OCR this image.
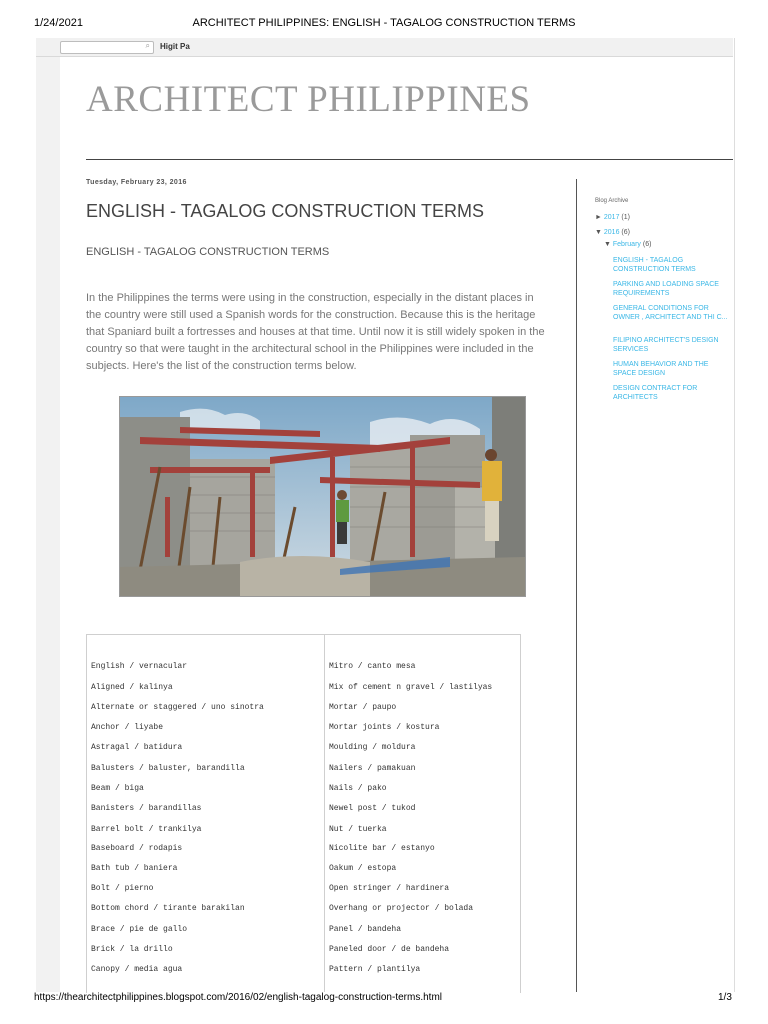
1/24/2021	ARCHITECT PHILIPPINES: ENGLISH - TAGALOG CONSTRUCTION TERMS
⌕ Higit Pa
ARCHITECT PHILIPPINES
Tuesday, February 23, 2016
ENGLISH - TAGALOG CONSTRUCTION TERMS
ENGLISH - TAGALOG CONSTRUCTION TERMS
In the Philippines the terms were using in the construction, especially in the distant places in the country were still used a Spanish words for the construction. Because this is the heritage that Spaniard built a fortresses and houses at that time. Until now it is still widely spoken in the country so that were taught in the architectural school in the Philippines were included in the subjects. Here's the list of the construction terms below.
Blog Archive
► 2017 (1)
▼ 2016 (6)
▼ February (6)
ENGLISH - TAGALOG CONSTRUCTION TERMS
PARKING AND LOADING SPACE REQUIREMENTS
GENERAL CONDITIONS FOR OWNER , ARCHITECT AND THI C...
FILIPINO ARCHITECT'S DESIGN SERVICES
HUMAN BEHAVIOR AND THE SPACE DESIGN
DESIGN CONTRACT FOR ARCHITECTS
English / vernacular
Aligned / kalinya
Alternate or staggered / uno sinotra
Anchor / liyabe
Astragal / batidura
Balusters / baluster, barandilla
Beam / biga
Banisters / barandillas
Barrel bolt / trankilya
Baseboard / rodapis
Bath tub / baniera
Bolt / pierno
Bottom chord / tirante barakilan
Brace / pie de gallo
Brick / la drillo
Canopy / media agua
Mitro / canto mesa
Mix of cement n gravel / lastilyas
Mortar / paupo
Mortar joints / kostura
Moulding / moldura
Nailers / pamakuan
Nails / pako
Newel post / tukod
Nut / tuerka
Nicolite bar / estanyo
Oakum / estopa
Open stringer / hardinera
Overhang or projector / bolada
Panel / bandeha
Paneled door / de bandeha
Pattern / plantilya
https://thearchitectphilippines.blogspot.com/2016/02/english-tagalog-construction-terms.html	1/3
